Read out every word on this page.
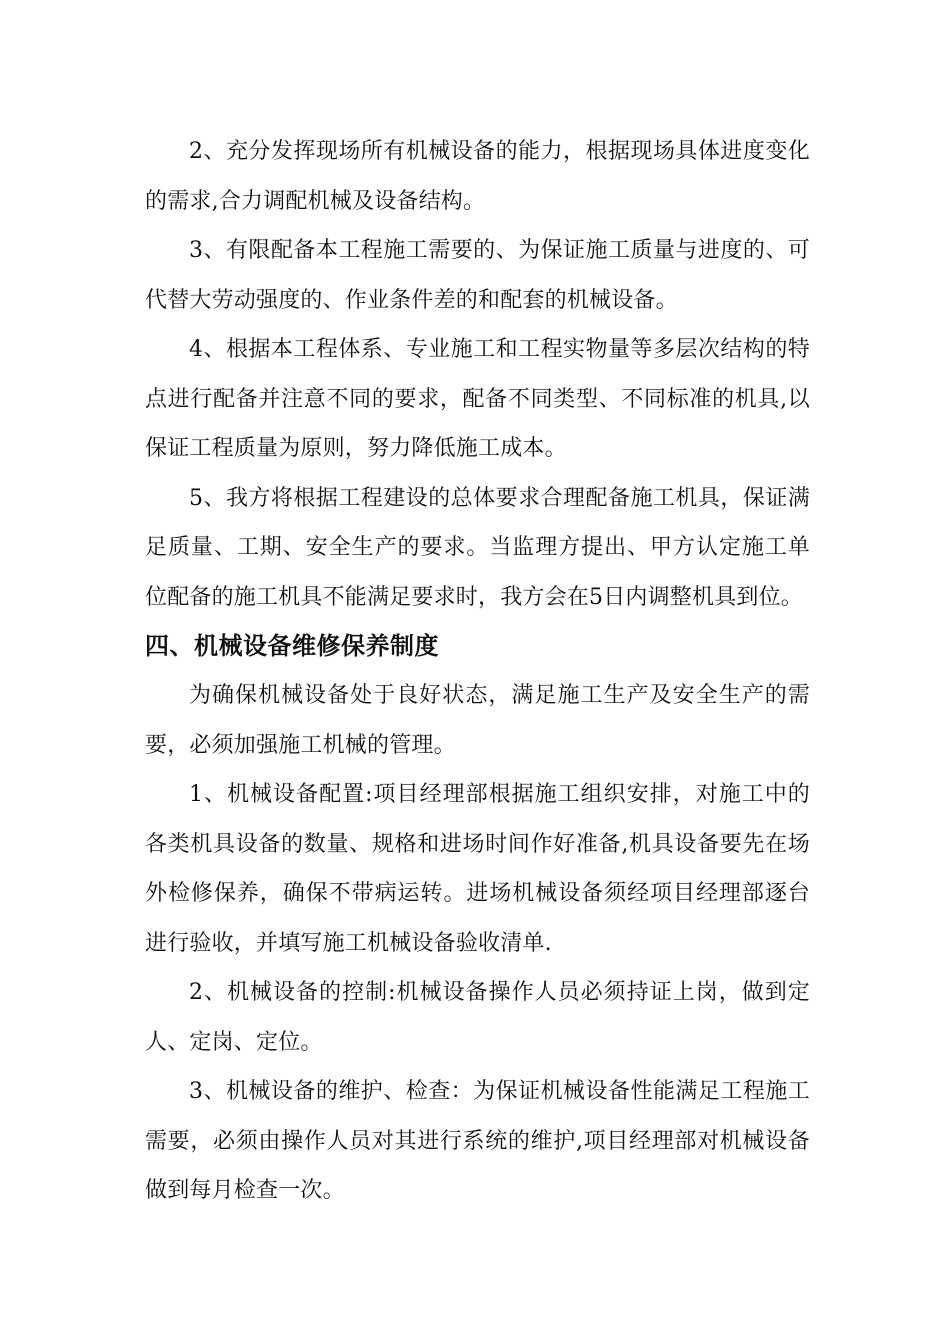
2、充分发挥现场所有机械设备的能力，根据现场具体进度变化的需求,合力调配机械及设备结构。

3、有限配备本工程施工需要的、为保证施工质量与进度的、可代替大劳动强度的、作业条件差的和配套的机械设备。

4、根据本工程体系、专业施工和工程实物量等多层次结构的特点进行配备并注意不同的要求，配备不同类型、不同标准的机具,以保证工程质量为原则，努力降低施工成本。

5、我方将根据工程建设的总体要求合理配备施工机具，保证满足质量、工期、安全生产的要求。当监理方提出、甲方认定施工单位配备的施工机具不能满足要求时，我方会在5日内调整机具到位。

四、机械设备维修保养制度

为确保机械设备处于良好状态，满足施工生产及安全生产的需要，必须加强施工机械的管理。

1、机械设备配置:项目经理部根据施工组织安排，对施工中的各类机具设备的数量、规格和进场时间作好准备,机具设备要先在场外检修保养，确保不带病运转。进场机械设备须经项目经理部逐台进行验收，并填写施工机械设备验收清单.

2、机械设备的控制:机械设备操作人员必须持证上岗，做到定人、定岗、定位。

3、机械设备的维护、检查：为保证机械设备性能满足工程施工需要，必须由操作人员对其进行系统的维护,项目经理部对机械设备做到每月检查一次。
